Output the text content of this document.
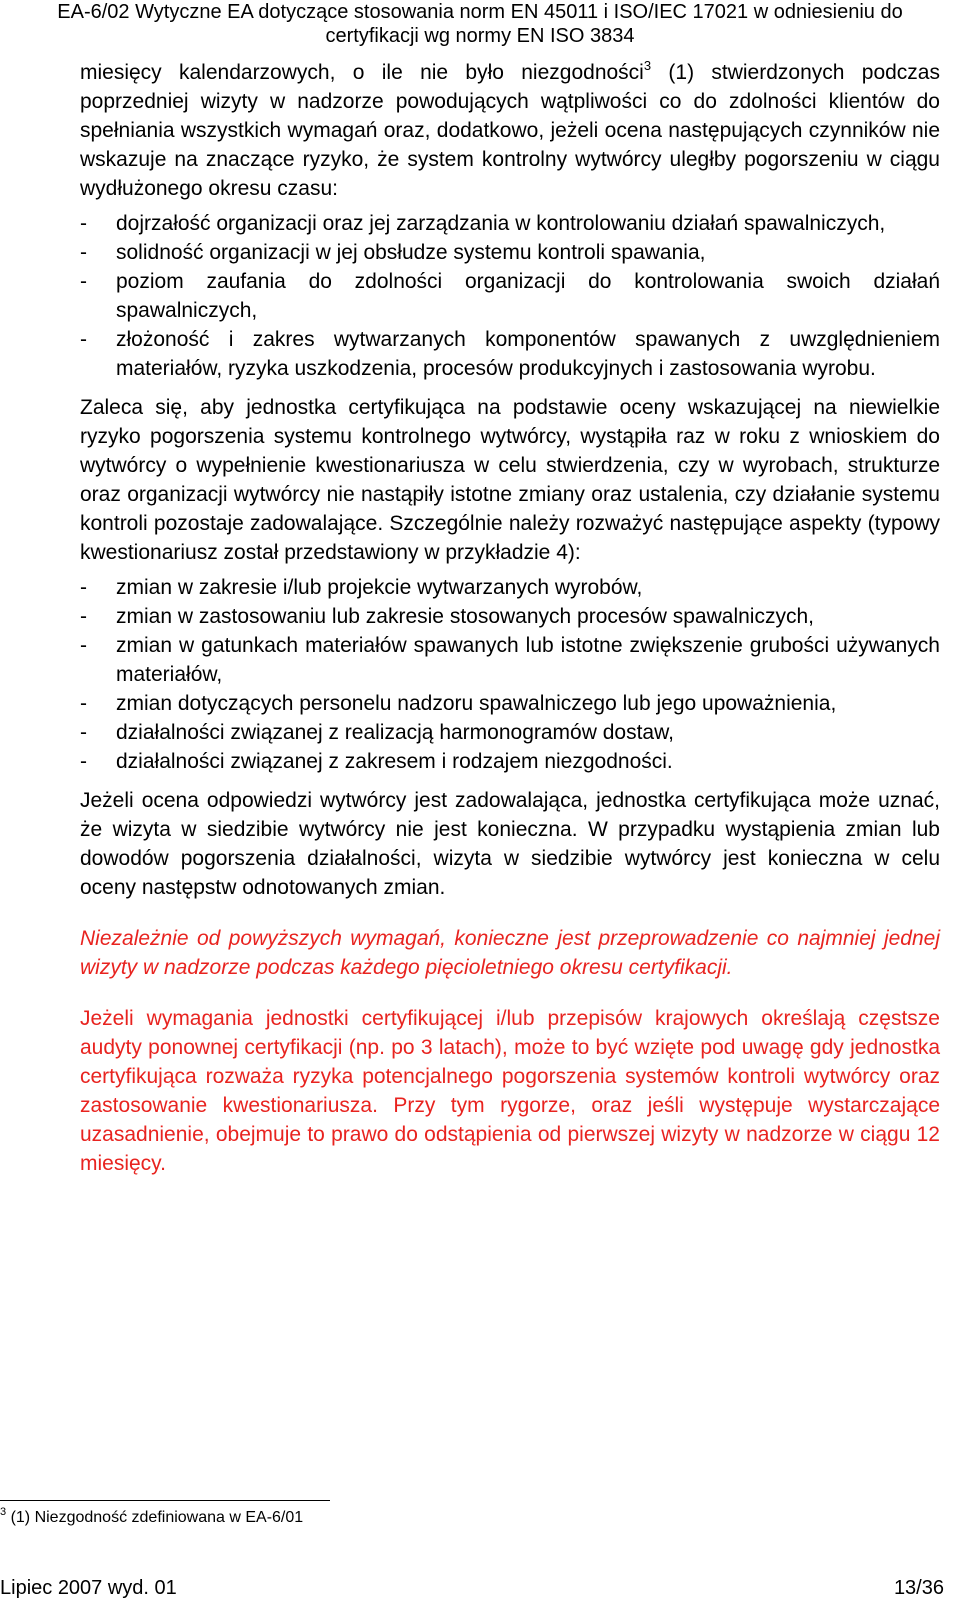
EA-6/02 Wytyczne EA dotyczące stosowania norm EN 45011 i ISO/IEC 17021 w odniesieniu do
certyfikacji wg normy EN ISO 3834

miesięcy kalendarzowych, o ile nie było niezgodności$^3$ (1) stwierdzonych podczas poprzedniej wizyty w nadzorze powodujących wątpliwości co do zdolności klientów do spełniania wszystkich wymagań oraz, dodatkowo, jeżeli ocena następujących czynników nie wskazuje na znaczące ryzyko, że system kontrolny wytwórcy uległby pogorszeniu w ciągu wydłużonego okresu czasu:

- dojrzałość organizacji oraz jej zarządzania w kontrolowaniu działań spawalniczych,
- solidność organizacji w jej obsłudze systemu kontroli spawania,
- poziom zaufania do zdolności organizacji do kontrolowania swoich działań spawalniczych,
- złożoność i zakres wytwarzanych komponentów spawanych z uwzględnieniem materiałów, ryzyka uszkodzenia, procesów produkcyjnych i zastosowania wyrobu.

Zaleca się, aby jednostka certyfikująca na podstawie oceny wskazującej na niewielkie ryzyko pogorszenia systemu kontrolnego wytwórcy, wystąpiła raz w roku z wnioskiem do wytwórcy o wypełnienie kwestionariusza w celu stwierdzenia, czy w wyrobach, strukturze oraz organizacji wytwórcy nie nastąpiły istotne zmiany oraz ustalenia, czy działanie systemu kontroli pozostaje zadowalające. Szczególnie należy rozważyć następujące aspekty (typowy kwestionariusz został przedstawiony w przykładzie 4):

- zmian w zakresie i/lub projekcie wytwarzanych wyrobów,
- zmian w zastosowaniu lub zakresie stosowanych procesów spawalniczych,
- zmian w gatunkach materiałów spawanych lub istotne zwiększenie grubości używanych materiałów,
- zmian dotyczących personelu nadzoru spawalniczego lub jego upoważnienia,
- działalności związanej z realizacją harmonogramów dostaw,
- działalności związanej z zakresem i rodzajem niezgodności.

Jeżeli ocena odpowiedzi wytwórcy jest zadowalająca, jednostka certyfikująca może uznać, że wizyta w siedzibie wytwórcy nie jest konieczna. W przypadku wystąpienia zmian lub dowodów pogorszenia działalności, wizyta w siedzibie wytwórcy jest konieczna w celu oceny następstw odnotowanych zmian.

Niezależnie od powyższych wymagań, konieczne jest przeprowadzenie co najmniej jednej wizyty w nadzorze podczas każdego pięcioletniego okresu certyfikacji.

Jeżeli wymagania jednostki certyfikującej i/lub przepisów krajowych określają częstsze audyty ponownej certyfikacji (np. po 3 latach), może to być wzięte pod uwagę gdy jednostka certyfikująca rozważa ryzyka potencjalnego pogorszenia systemów kontroli wytwórcy oraz zastosowanie kwestionariusza. Przy tym rygorze, oraz jeśli występuje wystarczające uzasadnienie, obejmuje to prawo do odstąpienia od pierwszej wizyty w nadzorze w ciągu 12 miesięcy.

$^3$ (1) Niezgodność zdefiniowana w EA-6/01
Lipiec 2007 wyd. 01	13/36
